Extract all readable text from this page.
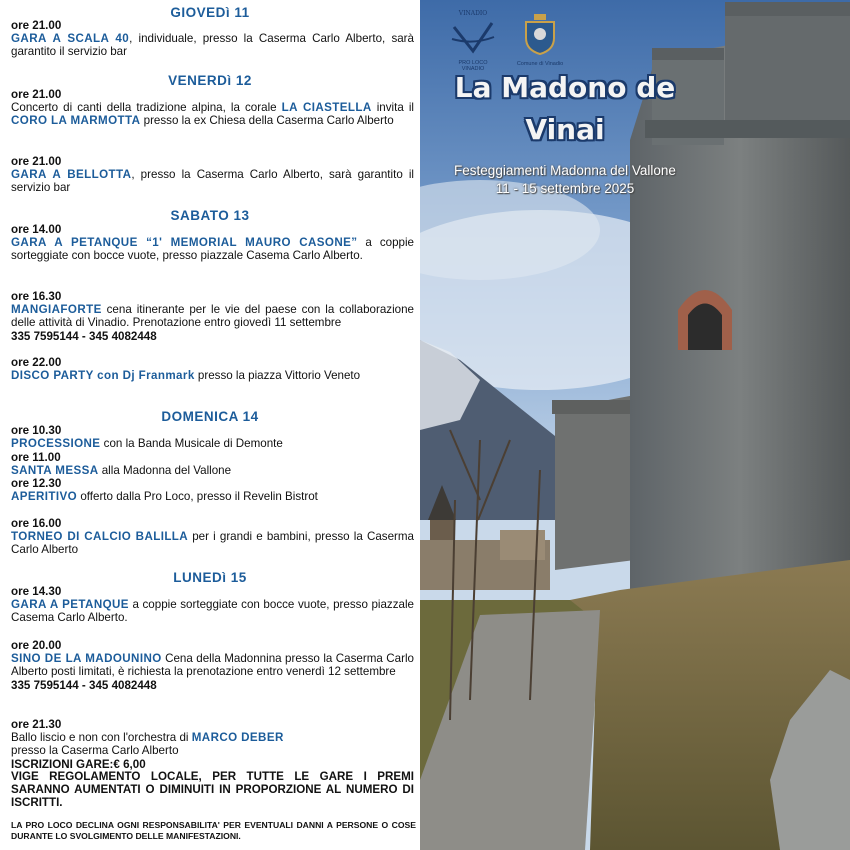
GIOVEDì 11
ore 21.00
GARA A SCALA 40, individuale, presso la Caserma Carlo Alberto, sarà garantito il servizio bar
VENERDì 12
ore 21.00
Concerto di canti della tradizione alpina, la corale LA CIASTELLA invita il CORO LA MARMOTTA presso la ex Chiesa della Caserma Carlo Alberto
ore 21.00
GARA A BELLOTTA, presso la Caserma Carlo Alberto, sarà garantito il servizio bar
SABATO 13
ore 14.00
GARA A PETANQUE “1' MEMORIAL MAURO CASONE” a coppie sorteggiate con bocce vuote, presso piazzale Casema Carlo Alberto.
ore 16.30
MANGIAFORTE cena itinerante per le vie del paese con la collaborazione delle attività di Vinadio. Prenotazione entro giovedì 11 settembre
335 7595144 - 345 4082448
ore 22.00
DISCO PARTY con Dj Franmark presso la piazza Vittorio Veneto
DOMENICA 14
ore 10.30
PROCESSIONE con la Banda Musicale di Demonte
ore 11.00
SANTA MESSA alla Madonna del Vallone
ore 12.30
APERITIVO offerto dalla Pro Loco, presso il Revelin Bistrot
ore 16.00
TORNEO DI CALCIO BALILLA per i grandi e bambini, presso la Caserma Carlo Alberto
LUNEDì 15
ore 14.30
GARA A PETANQUE a coppie sorteggiate con bocce vuote, presso piazzale Casema Carlo Alberto.
ore 20.00
SINO DE LA MADOUNINO Cena della Madonnina presso la Caserma Carlo Alberto posti limitati, è richiesta la prenotazione entro venerdì 12 settembre
335 7595144 - 345 4082448
ore 21.30
Ballo liscio e non con l'orchestra di MARCO DEBER
presso la Caserma Carlo Alberto
ISCRIZIONI GARE:€ 6,00
VIGE REGOLAMENTO LOCALE, PER TUTTE LE GARE I PREMI SARANNO AUMENTATI O DIMINUITI IN PROPORZIONE AL NUMERO DI ISCRITTI.
LA PRO LOCO DECLINA OGNI RESPONSABILITA' PER EVENTUALI DANNI A PERSONE O COSE DURANTE LO SVOLGIMENTO DELLE MANIFESTAZIONI.
VINADIO
PRO LOCO VINADIO
Comune di Vinadio
La Madono de
Vinai
Festeggiamenti Madonna del Vallone
11 - 15 settembre 2025
